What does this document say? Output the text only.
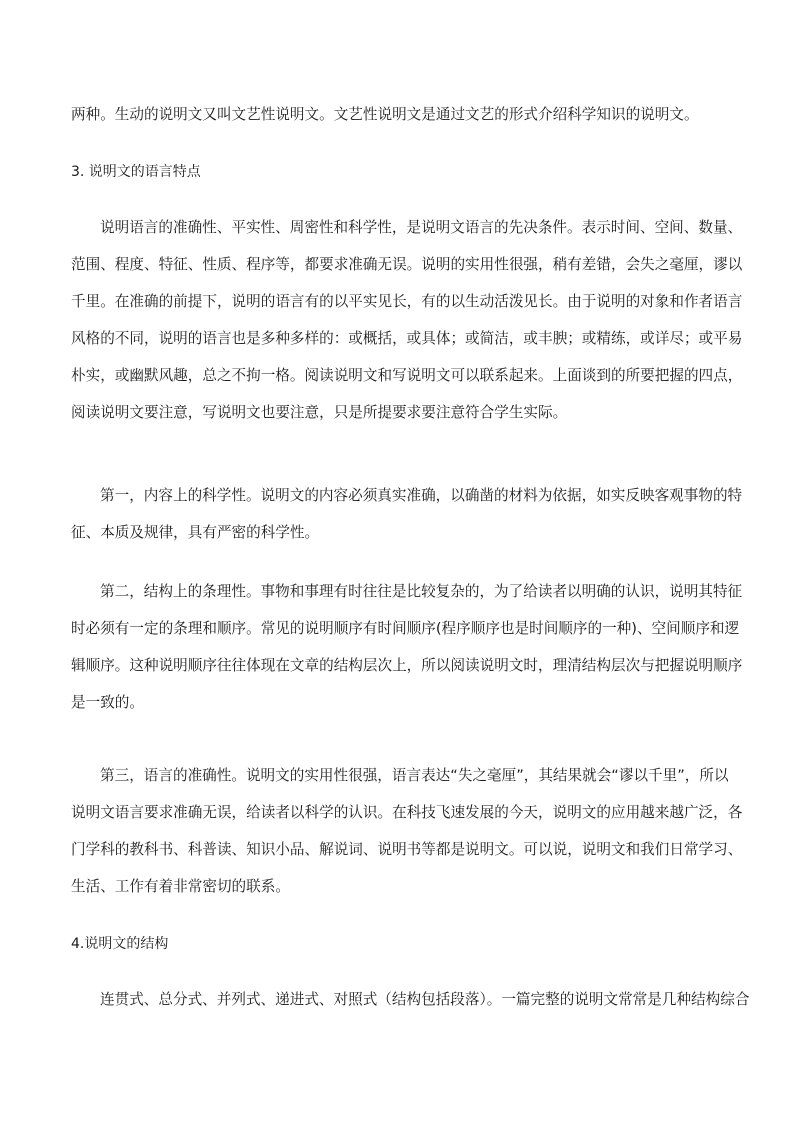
两种。生动的说明文又叫文艺性说明文。文艺性说明文是通过文艺的形式介绍科学知识的说明文。
3. 说明文的语言特点
说明语言的准确性、平实性、周密性和科学性，是说明文语言的先决条件。表示时间、空间、数量、
范围、程度、特征、性质、程序等，都要求准确无误。说明的实用性很强，稍有差错，会失之毫厘，谬以
千里。在准确的前提下，说明的语言有的以平实见长，有的以生动活泼见长。由于说明的对象和作者语言
风格的不同，说明的语言也是多种多样的：或概括，或具体；或简洁，或丰腴；或精练，或详尽；或平易
朴实，或幽默风趣，总之不拘一格。阅读说明文和写说明文可以联系起来。上面谈到的所要把握的四点，
阅读说明文要注意，写说明文也要注意，只是所提要求要注意符合学生实际。
第一，内容上的科学性。说明文的内容必须真实准确，以确凿的材料为依据，如实反映客观事物的特
征、本质及规律，具有严密的科学性。
第二，结构上的条理性。事物和事理有时往往是比较复杂的，为了给读者以明确的认识，说明其特征
时必须有一定的条理和顺序。常见的说明顺序有时间顺序(程序顺序也是时间顺序的一种)、空间顺序和逻
辑顺序。这种说明顺序往往体现在文章的结构层次上，所以阅读说明文时，理清结构层次与把握说明顺序
是一致的。
第三，语言的准确性。说明文的实用性很强，语言表达“失之毫厘”，其结果就会“谬以千里”，所以
说明文语言要求准确无误，给读者以科学的认识。在科技飞速发展的今天，说明文的应用越来越广泛，各
门学科的教科书、科普读、知识小品、解说词、说明书等都是说明文。可以说，说明文和我们日常学习、
生活、工作有着非常密切的联系。
4.说明文的结构
连贯式、总分式、并列式、递进式、对照式（结构包括段落）。一篇完整的说明文常常是几种结构综合
